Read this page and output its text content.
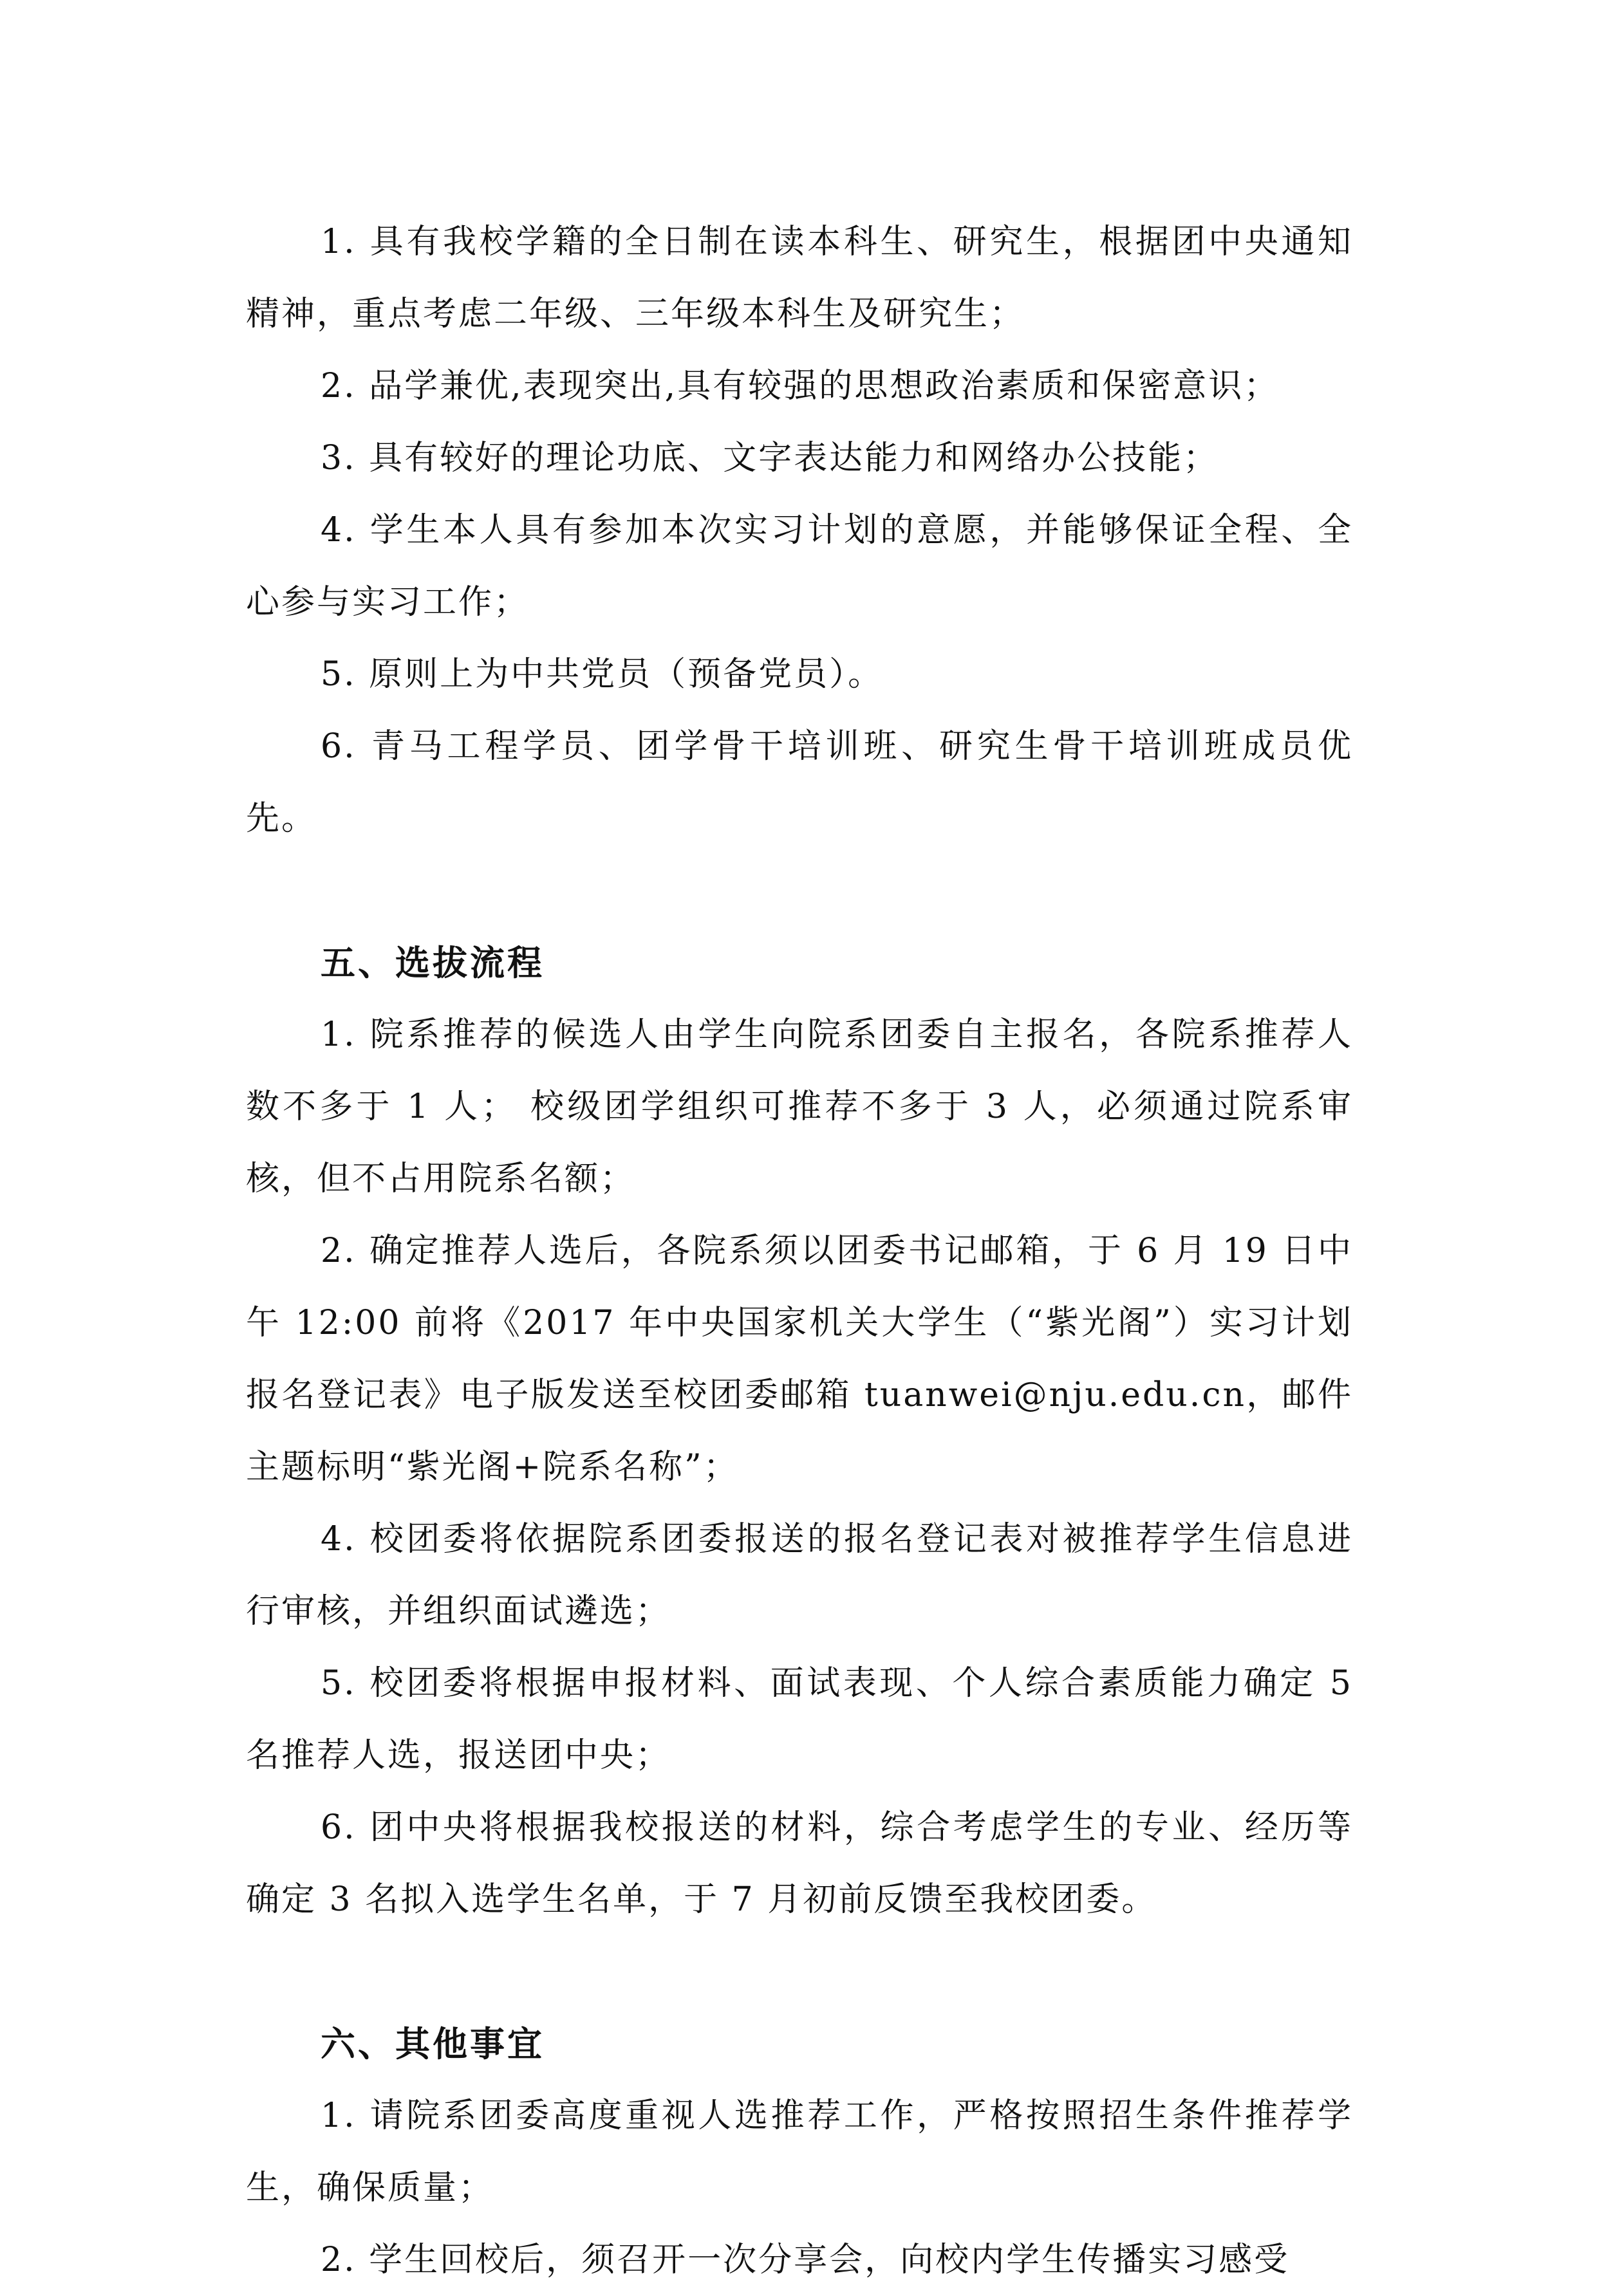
1. 具有我校学籍的全日制在读本科生、研究生，根据团中央通知精神，重点考虑二年级、三年级本科生及研究生；

2. 品学兼优,表现突出,具有较强的思想政治素质和保密意识；

3. 具有较好的理论功底、文字表达能力和网络办公技能；

4. 学生本人具有参加本次实习计划的意愿，并能够保证全程、全心参与实习工作；

5. 原则上为中共党员（预备党员）。

6. 青马工程学员、团学骨干培训班、研究生骨干培训班成员优先。

五、选拔流程

1. 院系推荐的候选人由学生向院系团委自主报名，各院系推荐人数不多于 1 人； 校级团学组织可推荐不多于 3 人，必须通过院系审核，但不占用院系名额；

2. 确定推荐人选后，各院系须以团委书记邮箱，于 6 月 19 日中午 12:00 前将《2017 年中央国家机关大学生（“紫光阁”）实习计划报名登记表》电子版发送至校团委邮箱 tuanwei@nju.edu.cn，邮件主题标明“紫光阁+院系名称”；

4. 校团委将依据院系团委报送的报名登记表对被推荐学生信息进行审核，并组织面试遴选；

5. 校团委将根据申报材料、面试表现、个人综合素质能力确定 5 名推荐人选，报送团中央；

6. 团中央将根据我校报送的材料，综合考虑学生的专业、经历等确定 3 名拟入选学生名单，于 7 月初前反馈至我校团委。

六、其他事宜

1. 请院系团委高度重视人选推荐工作，严格按照招生条件推荐学生，确保质量；

2. 学生回校后，须召开一次分享会，向校内学生传播实习感受
